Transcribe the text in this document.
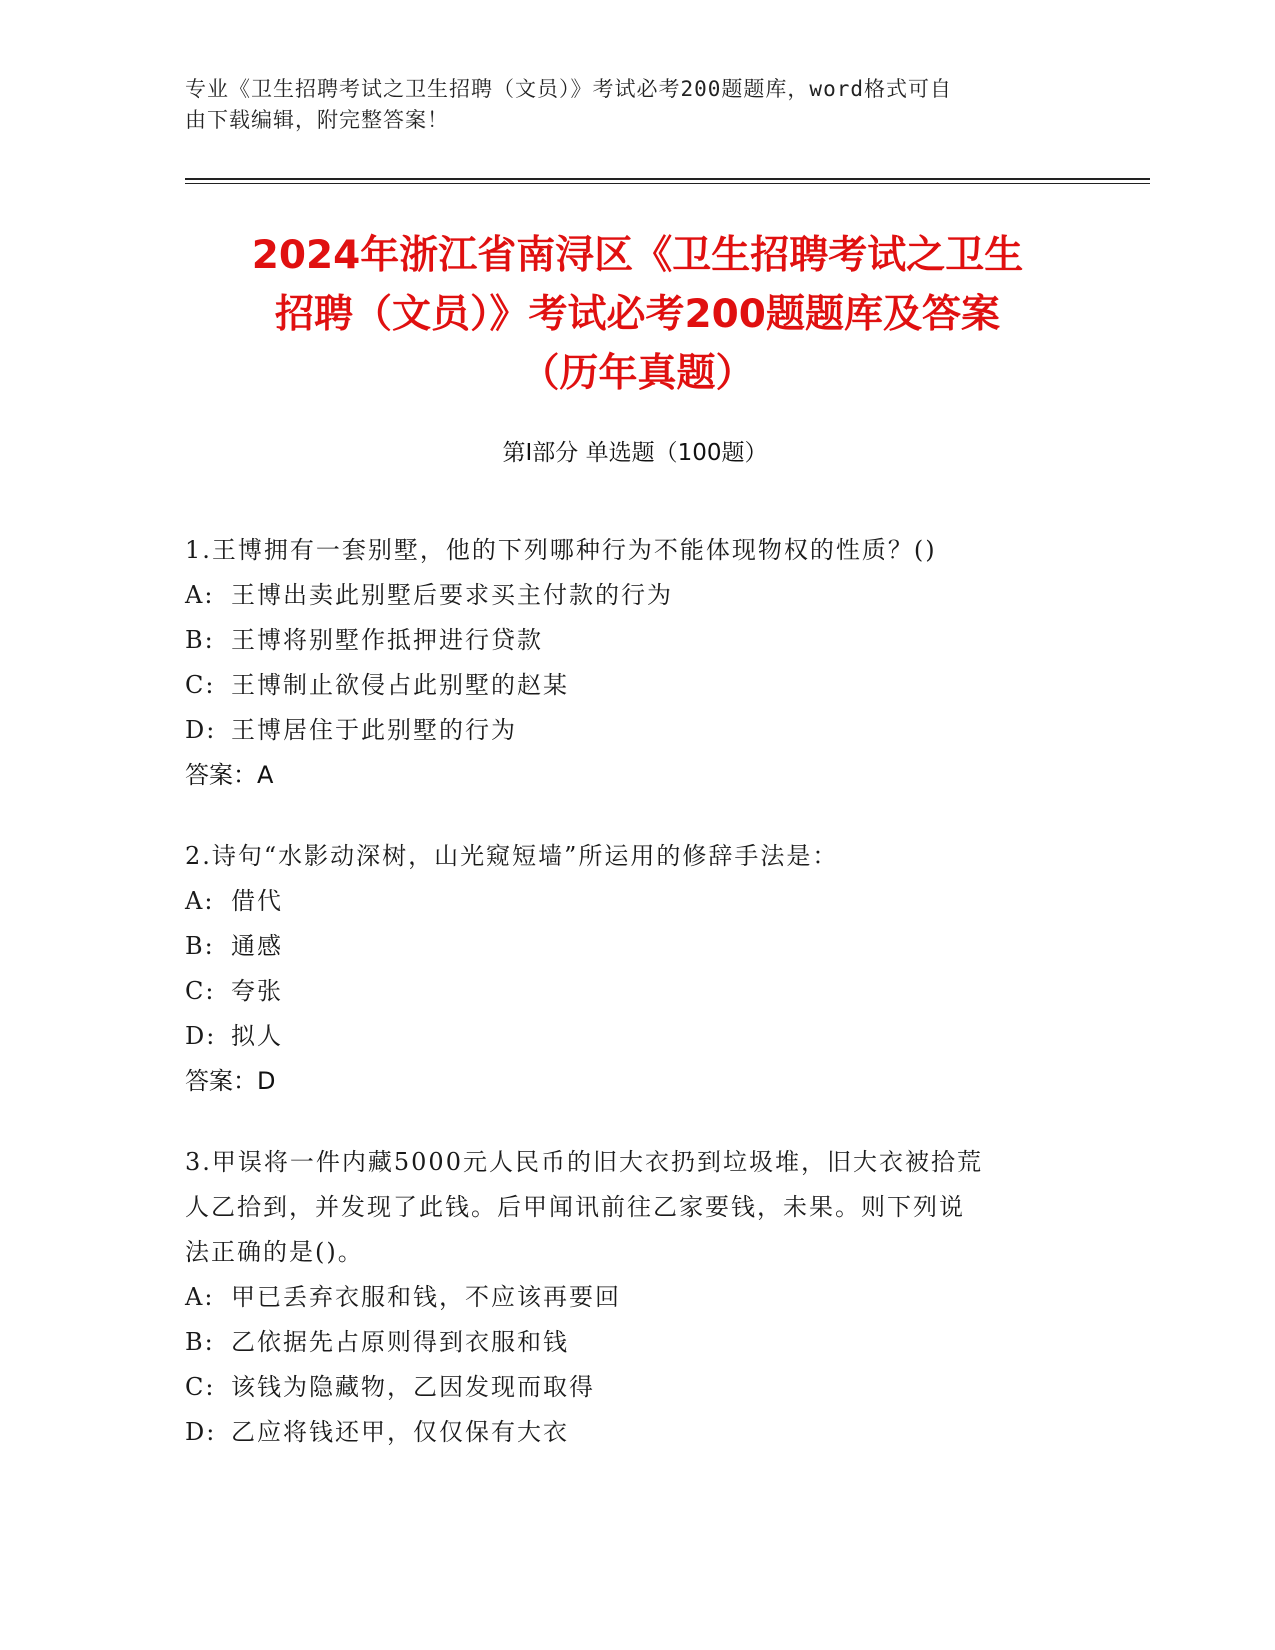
专业《卫生招聘考试之卫生招聘（文员）》考试必考200题题库，word格式可自
由下载编辑，附完整答案！
2024年浙江省南浔区《卫生招聘考试之卫生
招聘（文员）》考试必考200题题库及答案
（历年真题）
第Ⅰ部分 单选题（100题）
1.王博拥有一套别墅，他的下列哪种行为不能体现物权的性质？()
A: 王博出卖此别墅后要求买主付款的行为
B: 王博将别墅作抵押进行贷款
C: 王博制止欲侵占此别墅的赵某
D: 王博居住于此别墅的行为
答案：A
2.诗句“水影动深树，山光窥短墙”所运用的修辞手法是：
A: 借代
B: 通感
C: 夸张
D: 拟人
答案：D
3.甲误将一件内藏5000元人民币的旧大衣扔到垃圾堆，旧大衣被拾荒
人乙拾到，并发现了此钱。后甲闻讯前往乙家要钱，未果。则下列说
法正确的是()。
A: 甲已丢弃衣服和钱，不应该再要回
B: 乙依据先占原则得到衣服和钱
C: 该钱为隐藏物，乙因发现而取得
D: 乙应将钱还甲，仅仅保有大衣
